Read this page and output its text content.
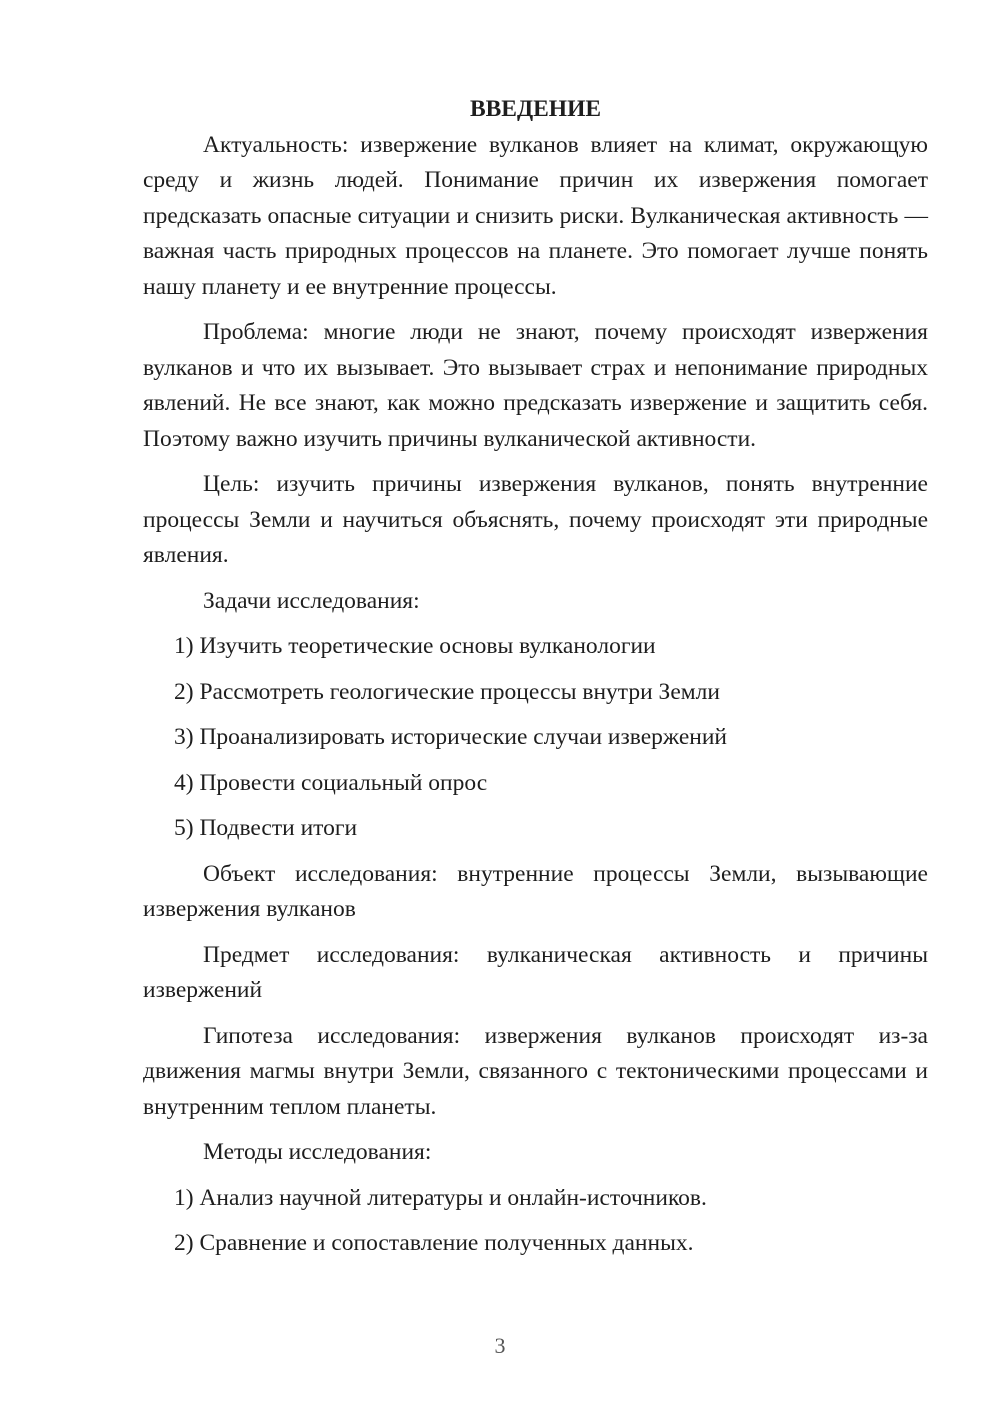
ВВЕДЕНИЕ

Актуальность: извержение вулканов влияет на климат, окружающую среду и жизнь людей. Понимание причин их извержения помогает предсказать опасные ситуации и снизить риски. Вулканическая активность — важная часть природных процессов на планете. Это помогает лучше понять нашу планету и ее внутренние процессы.

Проблема: многие люди не знают, почему происходят извержения вулканов и что их вызывает. Это вызывает страх и непонимание природных явлений. Не все знают, как можно предсказать извержение и защитить себя. Поэтому важно изучить причины вулканической активности.

Цель: изучить причины извержения вулканов, понять внутренние процессы Земли и научиться объяснять, почему происходят эти природные явления.

Задачи исследования:

1) Изучить теоретические основы вулканологии
2) Рассмотреть геологические процессы внутри Земли
3) Проанализировать исторические случаи извержений
4) Провести социальный опрос
5) Подвести итоги

Объект исследования: внутренние процессы Земли, вызывающие извержения вулканов

Предмет исследования: вулканическая активность и причины извержений

Гипотеза исследования: извержения вулканов происходят из-за движения магмы внутри Земли, связанного с тектоническими процессами и внутренним теплом планеты.

Методы исследования:

1) Анализ научной литературы и онлайн-источников.
2) Сравнение и сопоставление полученных данных.
3
